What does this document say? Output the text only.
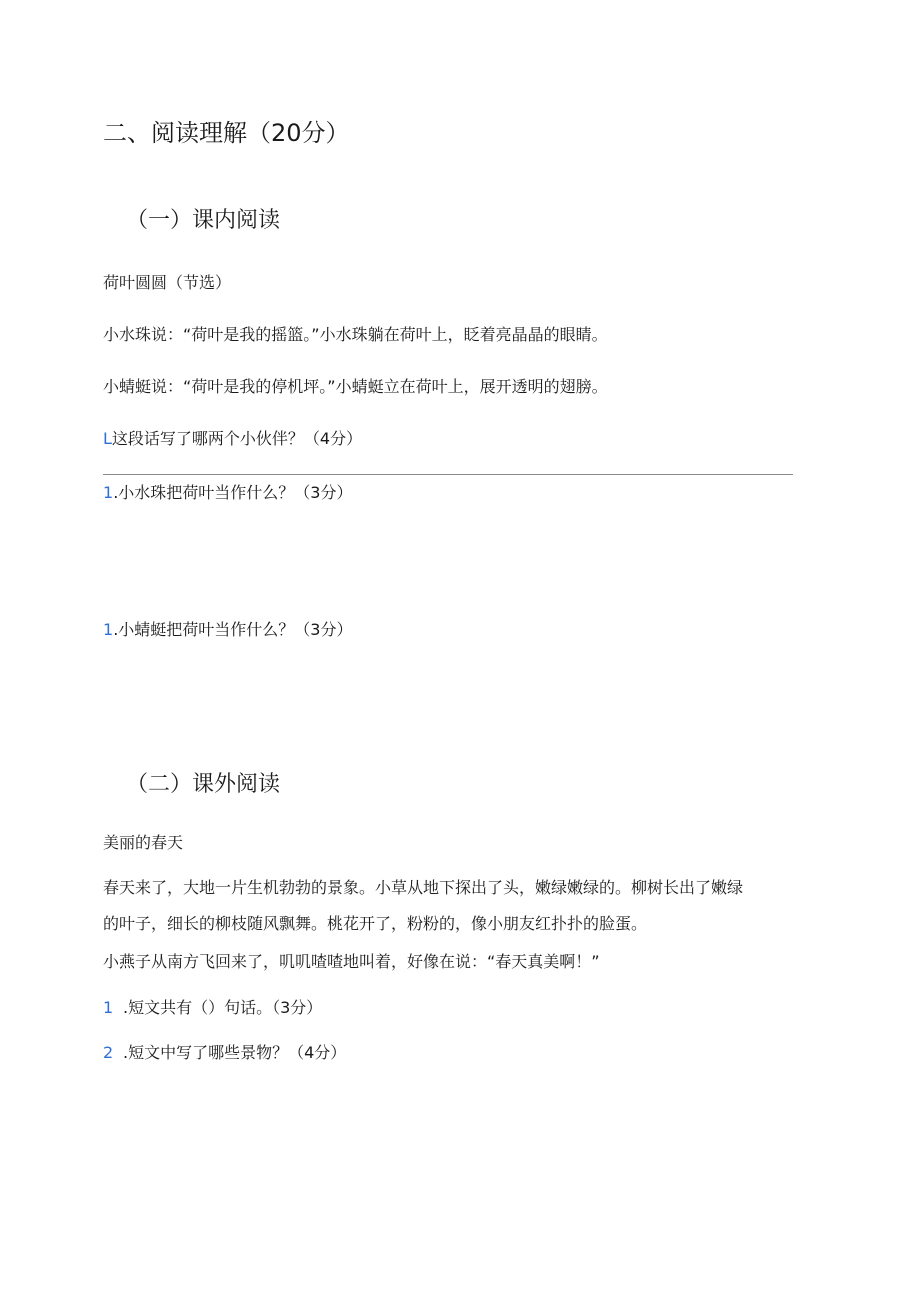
二、阅读理解（20分）
（一）课内阅读
荷叶圆圆（节选）
小水珠说：“荷叶是我的摇篮。”小水珠躺在荷叶上，眨着亮晶晶的眼睛。
小蜻蜓说：“荷叶是我的停机坪。”小蜻蜓立在荷叶上，展开透明的翅膀。
L这段话写了哪两个小伙伴？（4分）
1.小水珠把荷叶当作什么？（3分）
1.小蜻蜓把荷叶当作什么？（3分）
（二）课外阅读
美丽的春天
春天来了，大地一片生机勃勃的景象。小草从地下探出了头，嫩绿嫩绿的。柳树长出了嫩绿
的叶子，细长的柳枝随风飘舞。桃花开了，粉粉的，像小朋友红扑扑的脸蛋。
小燕子从南方飞回来了，叽叽喳喳地叫着，好像在说：“春天真美啊！”
1 .短文共有（）句话。（3分）
2 .短文中写了哪些景物？（4分）
